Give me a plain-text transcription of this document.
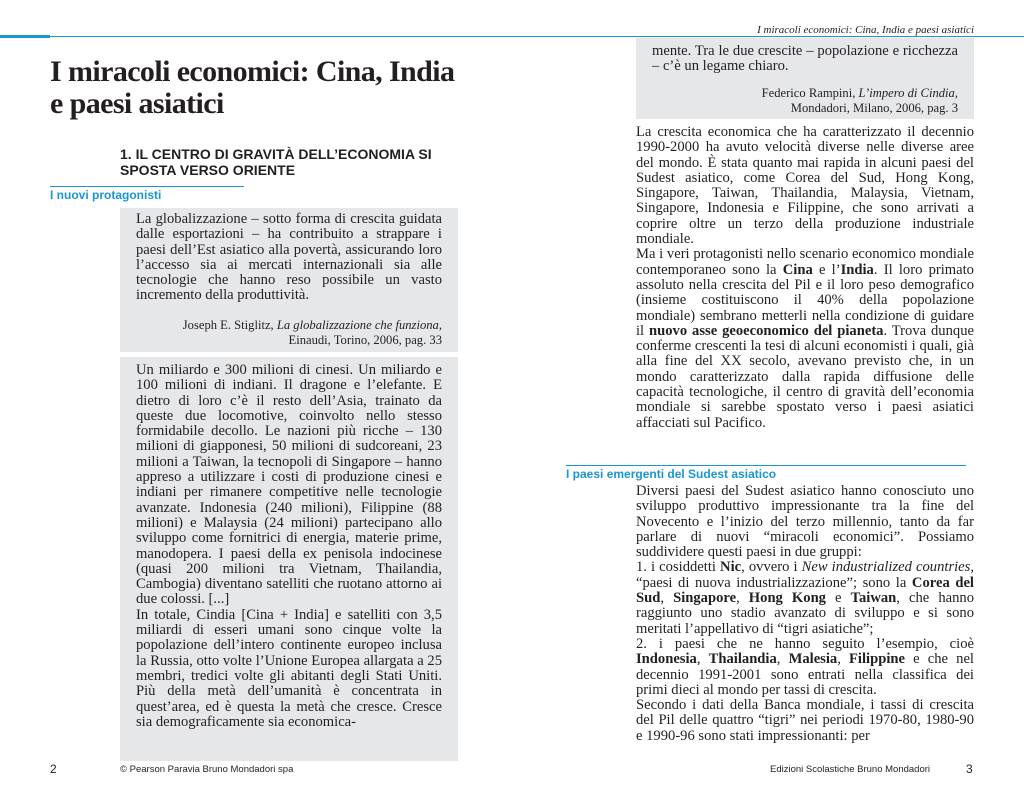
I miracoli economici: Cina, India e paesi asiatici
I miracoli economici: Cina, India e paesi asiatici
1. IL CENTRO DI GRAVITÀ DELL’ECONOMIA SI SPOSTA VERSO ORIENTE
I nuovi protagonisti
La globalizzazione – sotto forma di crescita guidata dalle esportazioni – ha contribuito a strappare i paesi dell’Est asiatico alla povertà, assicurando loro l’accesso sia ai mercati internazionali sia alle tecnologie che hanno reso possibile un vasto incremento della produttività.
Joseph E. Stiglitz, La globalizzazione che funziona, Einaudi, Torino, 2006, pag. 33

Un miliardo e 300 milioni di cinesi. Un miliardo e 100 milioni di indiani. Il dragone e l’elefante. E dietro di loro c’è il resto dell’Asia, trainato da queste due locomotive, coinvolto nello stesso formidabile decollo. Le nazioni più ricche – 130 milioni di giapponesi, 50 milioni di sudcoreani, 23 milioni a Taiwan, la tecnopoli di Singapore – hanno appreso a utilizzare i costi di produzione cinesi e indiani per rimanere competitive nelle tecnologie avanzate. Indonesia (240 milioni), Filippine (88 milioni) e Malaysia (24 milioni) partecipano allo sviluppo come fornitrici di energia, materie prime, manodopera. I paesi della ex penisola indocinese (quasi 200 milioni tra Vietnam, Thailandia, Cambogia) diventano satelliti che ruotano attorno ai due colossi. [...]

In totale, Cindia [Cina + India] e satelliti con 3,5 miliardi di esseri umani sono cinque volte la popolazione dell’intero continente europeo inclusa la Russia, otto volte l’Unione Europea allargata a 25 membri, tredici volte gli abitanti degli Stati Uniti. Più della metà dell’umanità è concentrata in quest’area, ed è questa la metà che cresce. Cresce sia demograficamente sia economica-

mente. Tra le due crescite – popolazione e ricchezza – c’è un legame chiaro.
Federico Rampini, L’impero di Cindia, Mondadori, Milano, 2006, pag. 3

La crescita economica che ha caratterizzato il decennio 1990-2000 ha avuto velocità diverse nelle diverse aree del mondo. È stata quanto mai rapida in alcuni paesi del Sudest asiatico, come Corea del Sud, Hong Kong, Singapore, Taiwan, Thailandia, Malaysia, Vietnam, Singapore, Indonesia e Filippine, che sono arrivati a coprire oltre un terzo della produzione industriale mondiale.

Ma i veri protagonisti nello scenario economico mondiale contemporaneo sono la Cina e l’India. Il loro primato assoluto nella crescita del Pil e il loro peso demografico (insieme costituiscono il 40% della popolazione mondiale) sembrano metterli nella condizione di guidare il nuovo asse geoeconomico del pianeta. Trova dunque conferme crescenti la tesi di alcuni economisti i quali, già alla fine del XX secolo, avevano previsto che, in un mondo caratterizzato dalla rapida diffusione delle capacità tecnologiche, il centro di gravità dell’economia mondiale si sarebbe spostato verso i paesi asiatici affacciati sul Pacifico.

I paesi emergenti del Sudest asiatico

Diversi paesi del Sudest asiatico hanno conosciuto uno sviluppo produttivo impressionante tra la fine del Novecento e l’inizio del terzo millennio, tanto da far parlare di nuovi “miracoli economici”. Possiamo suddividere questi paesi in due gruppi:

1. i cosiddetti Nic, ovvero i New industrialized countries, “paesi di nuova industrializzazione”; sono la Corea del Sud, Singapore, Hong Kong e Taiwan, che hanno raggiunto uno stadio avanzato di sviluppo e si sono meritati l’appellativo di “tigri asiatiche”;

2. i paesi che ne hanno seguito l’esempio, cioè Indonesia, Thailandia, Malesia, Filippine e che nel decennio 1991-2001 sono entrati nella classifica dei primi dieci al mondo per tassi di crescita.

Secondo i dati della Banca mondiale, i tassi di crescita del Pil delle quattro “tigri” nei periodi 1970-80, 1980-90 e 1990-96 sono stati impressionanti: per

2	© Pearson Paravia Bruno Mondadori spa	Edizioni Scolastiche Bruno Mondadori	3
